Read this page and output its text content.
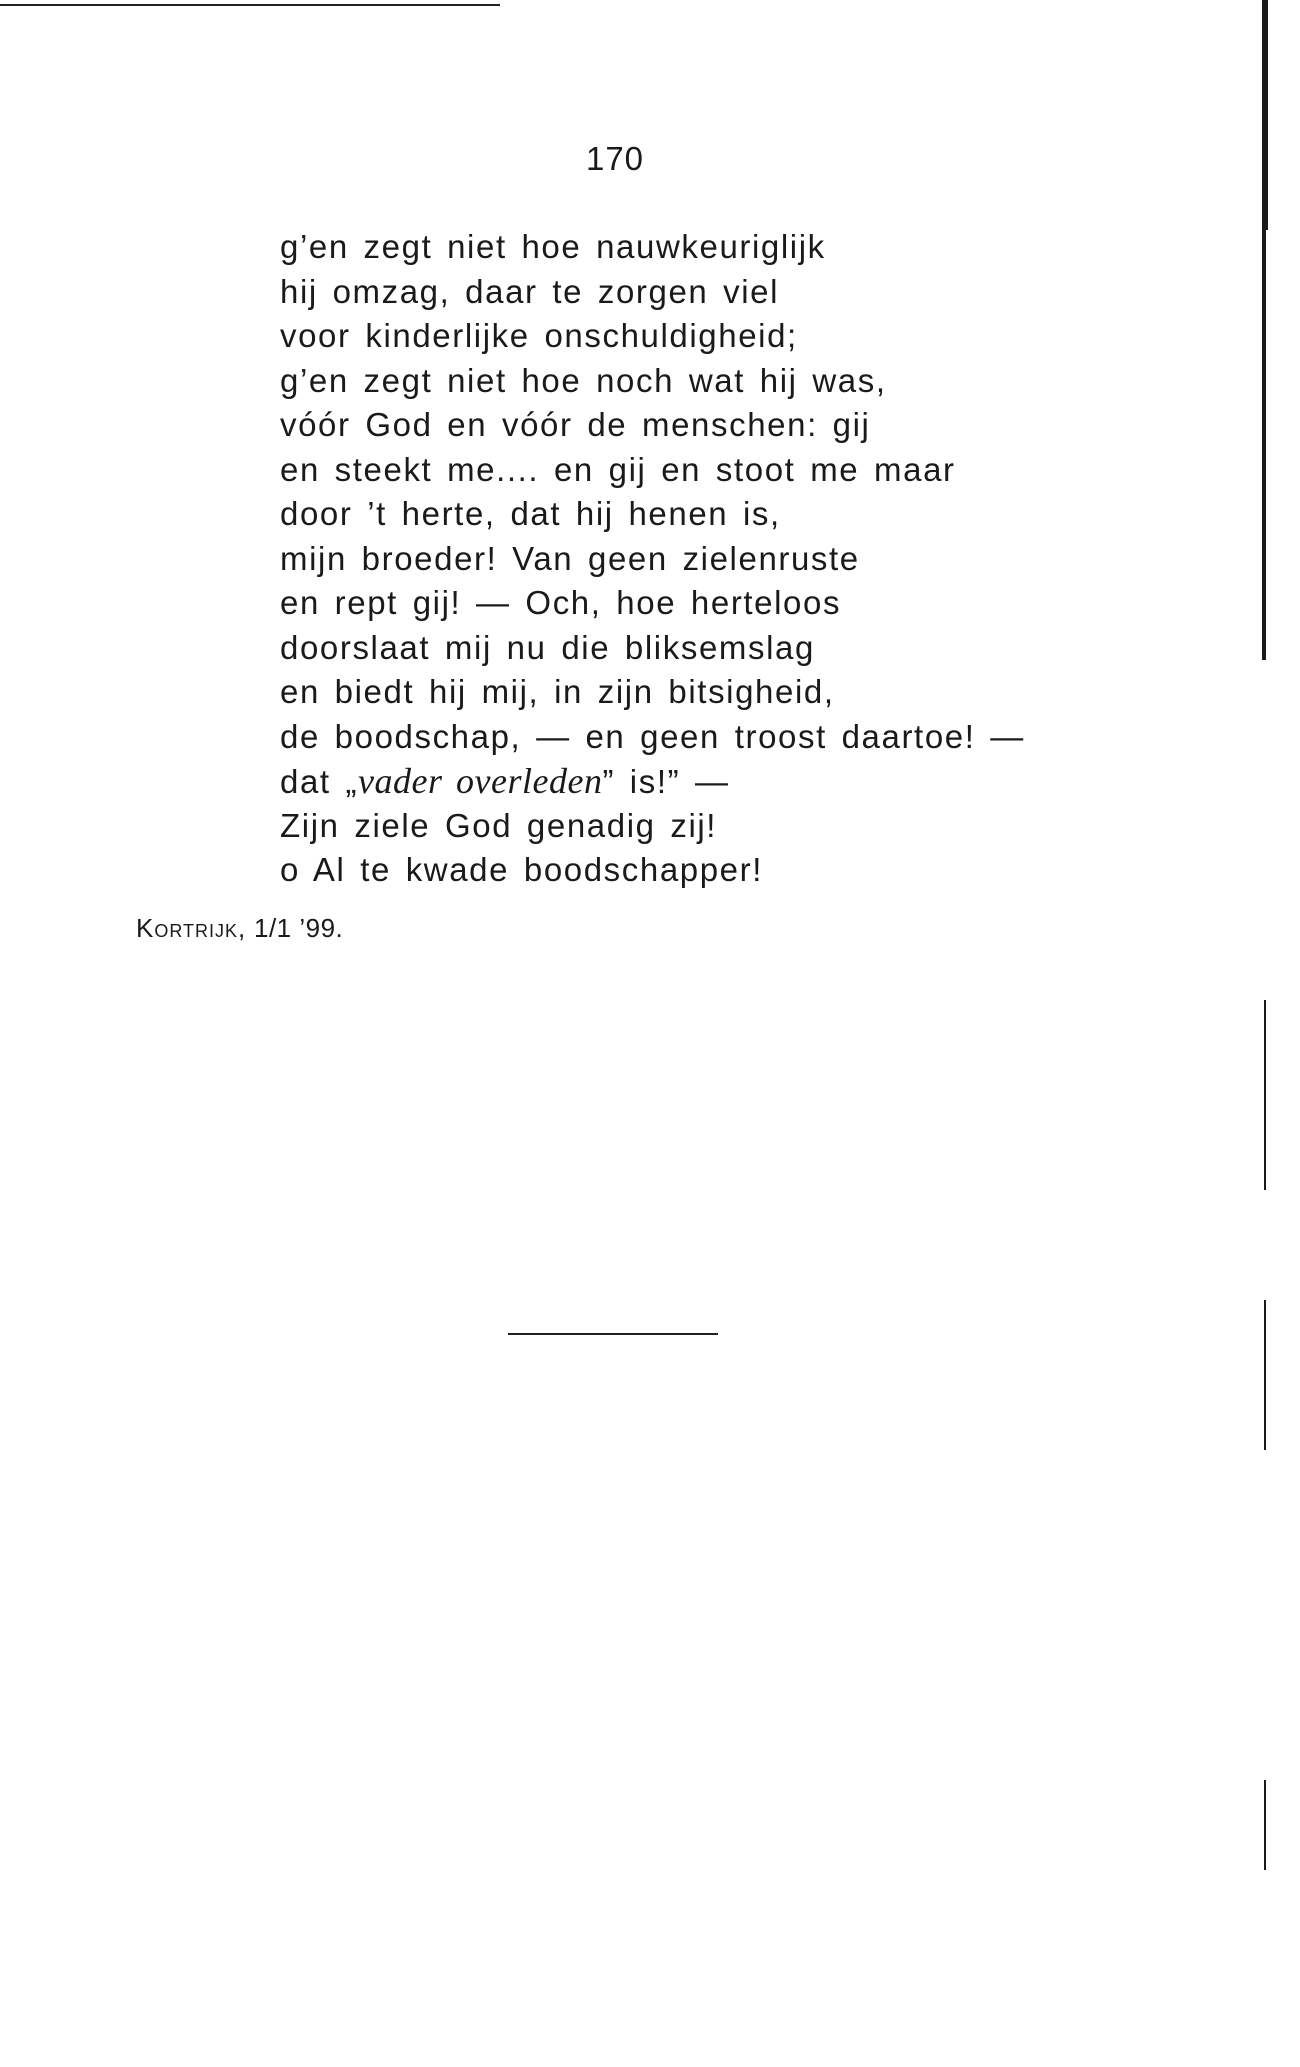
170
g’en zegt niet hoe nauwkeuriglijk
hij omzag, daar te zorgen viel
voor kinderlijke onschuldigheid;
g’en zegt niet hoe noch wat hij was,
vóór God en vóór de menschen: gij
en steekt me.... en gij en stoot me maar
door ’t herte, dat hij henen is,
mijn broeder! Van geen zielenruste
en rept gij! — Och, hoe herteloos
doorslaat mij nu die bliksemslag
en biedt hij mij, in zijn bitsigheid,
de boodschap, — en geen troost daartoe! —
dat „vader overleden” is!” —
Zijn ziele God genadig zij!
o Al te kwade boodschapper!
Kortrijk, 1/1 ’99.
